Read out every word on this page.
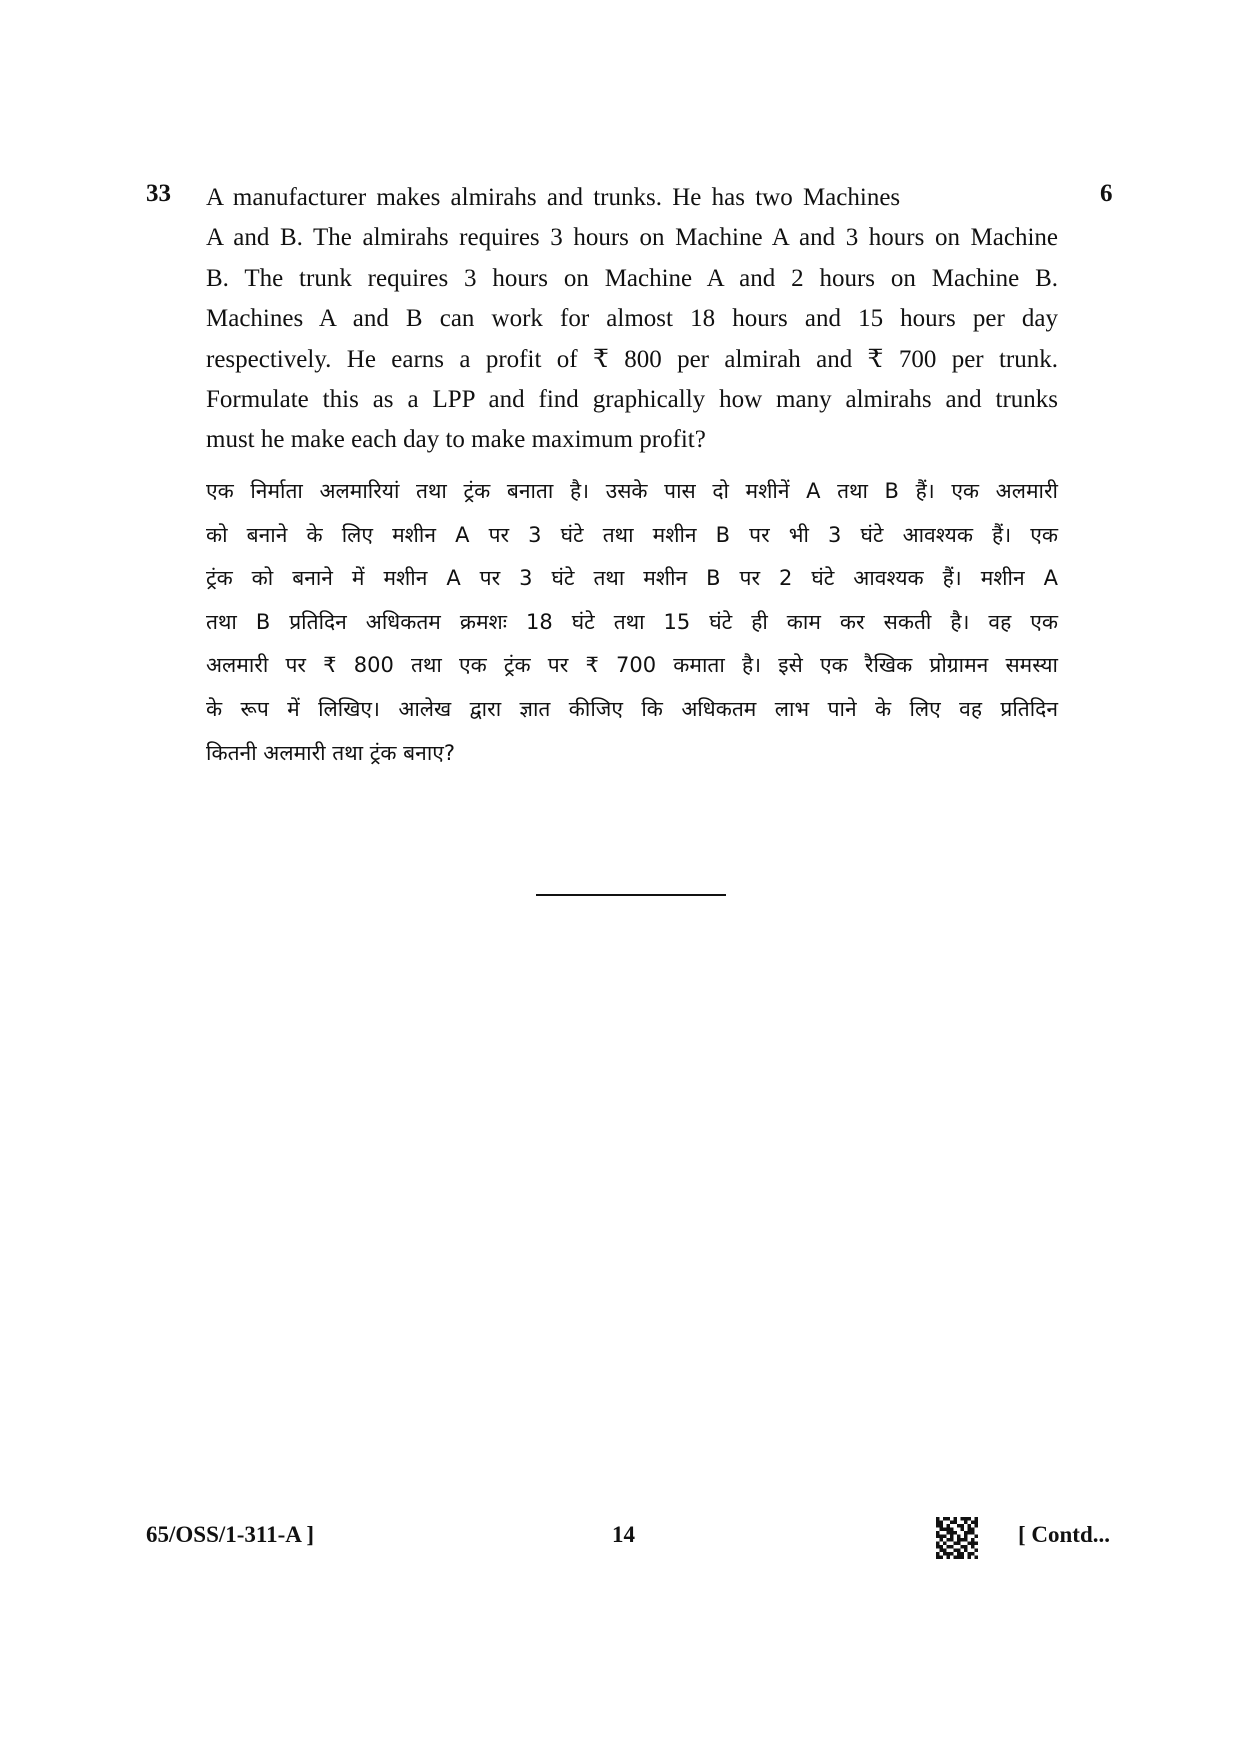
33	6
A manufacturer makes almirahs and trunks. He has two Machines
A and B. The almirahs requires 3 hours on Machine A and 3 hours on Machine
B. The trunk requires 3 hours on Machine A and 2 hours on Machine B.
Machines A and B can work for almost 18 hours and 15 hours per day
respectively. He earns a profit of ₹ 800 per almirah and ₹ 700 per trunk.
Formulate this as a LPP and find graphically how many almirahs and trunks
must he make each day to make maximum profit?
एक निर्माता अलमारियां तथा ट्रंक बनाता है। उसके पास दो मशीनें A तथा B हैं। एक अलमारी
को बनाने के लिए मशीन A पर 3 घंटे तथा मशीन B पर भी 3 घंटे आवश्यक हैं। एक
ट्रंक को बनाने में मशीन A पर 3 घंटे तथा मशीन B पर 2 घंटे आवश्यक हैं। मशीन A
तथा B प्रतिदिन अधिकतम क्रमशः 18 घंटे तथा 15 घंटे ही काम कर सकती है। वह एक
अलमारी पर ₹ 800 तथा एक ट्रंक पर ₹ 700 कमाता है। इसे एक रैखिक प्रोग्रामन समस्या
के रूप में लिखिए। आलेख द्वारा ज्ञात कीजिए कि अधिकतम लाभ पाने के लिए वह प्रतिदिन
कितनी अलमारी तथा ट्रंक बनाए?
65/OSS/1-311-A ]	14	[ Contd...
